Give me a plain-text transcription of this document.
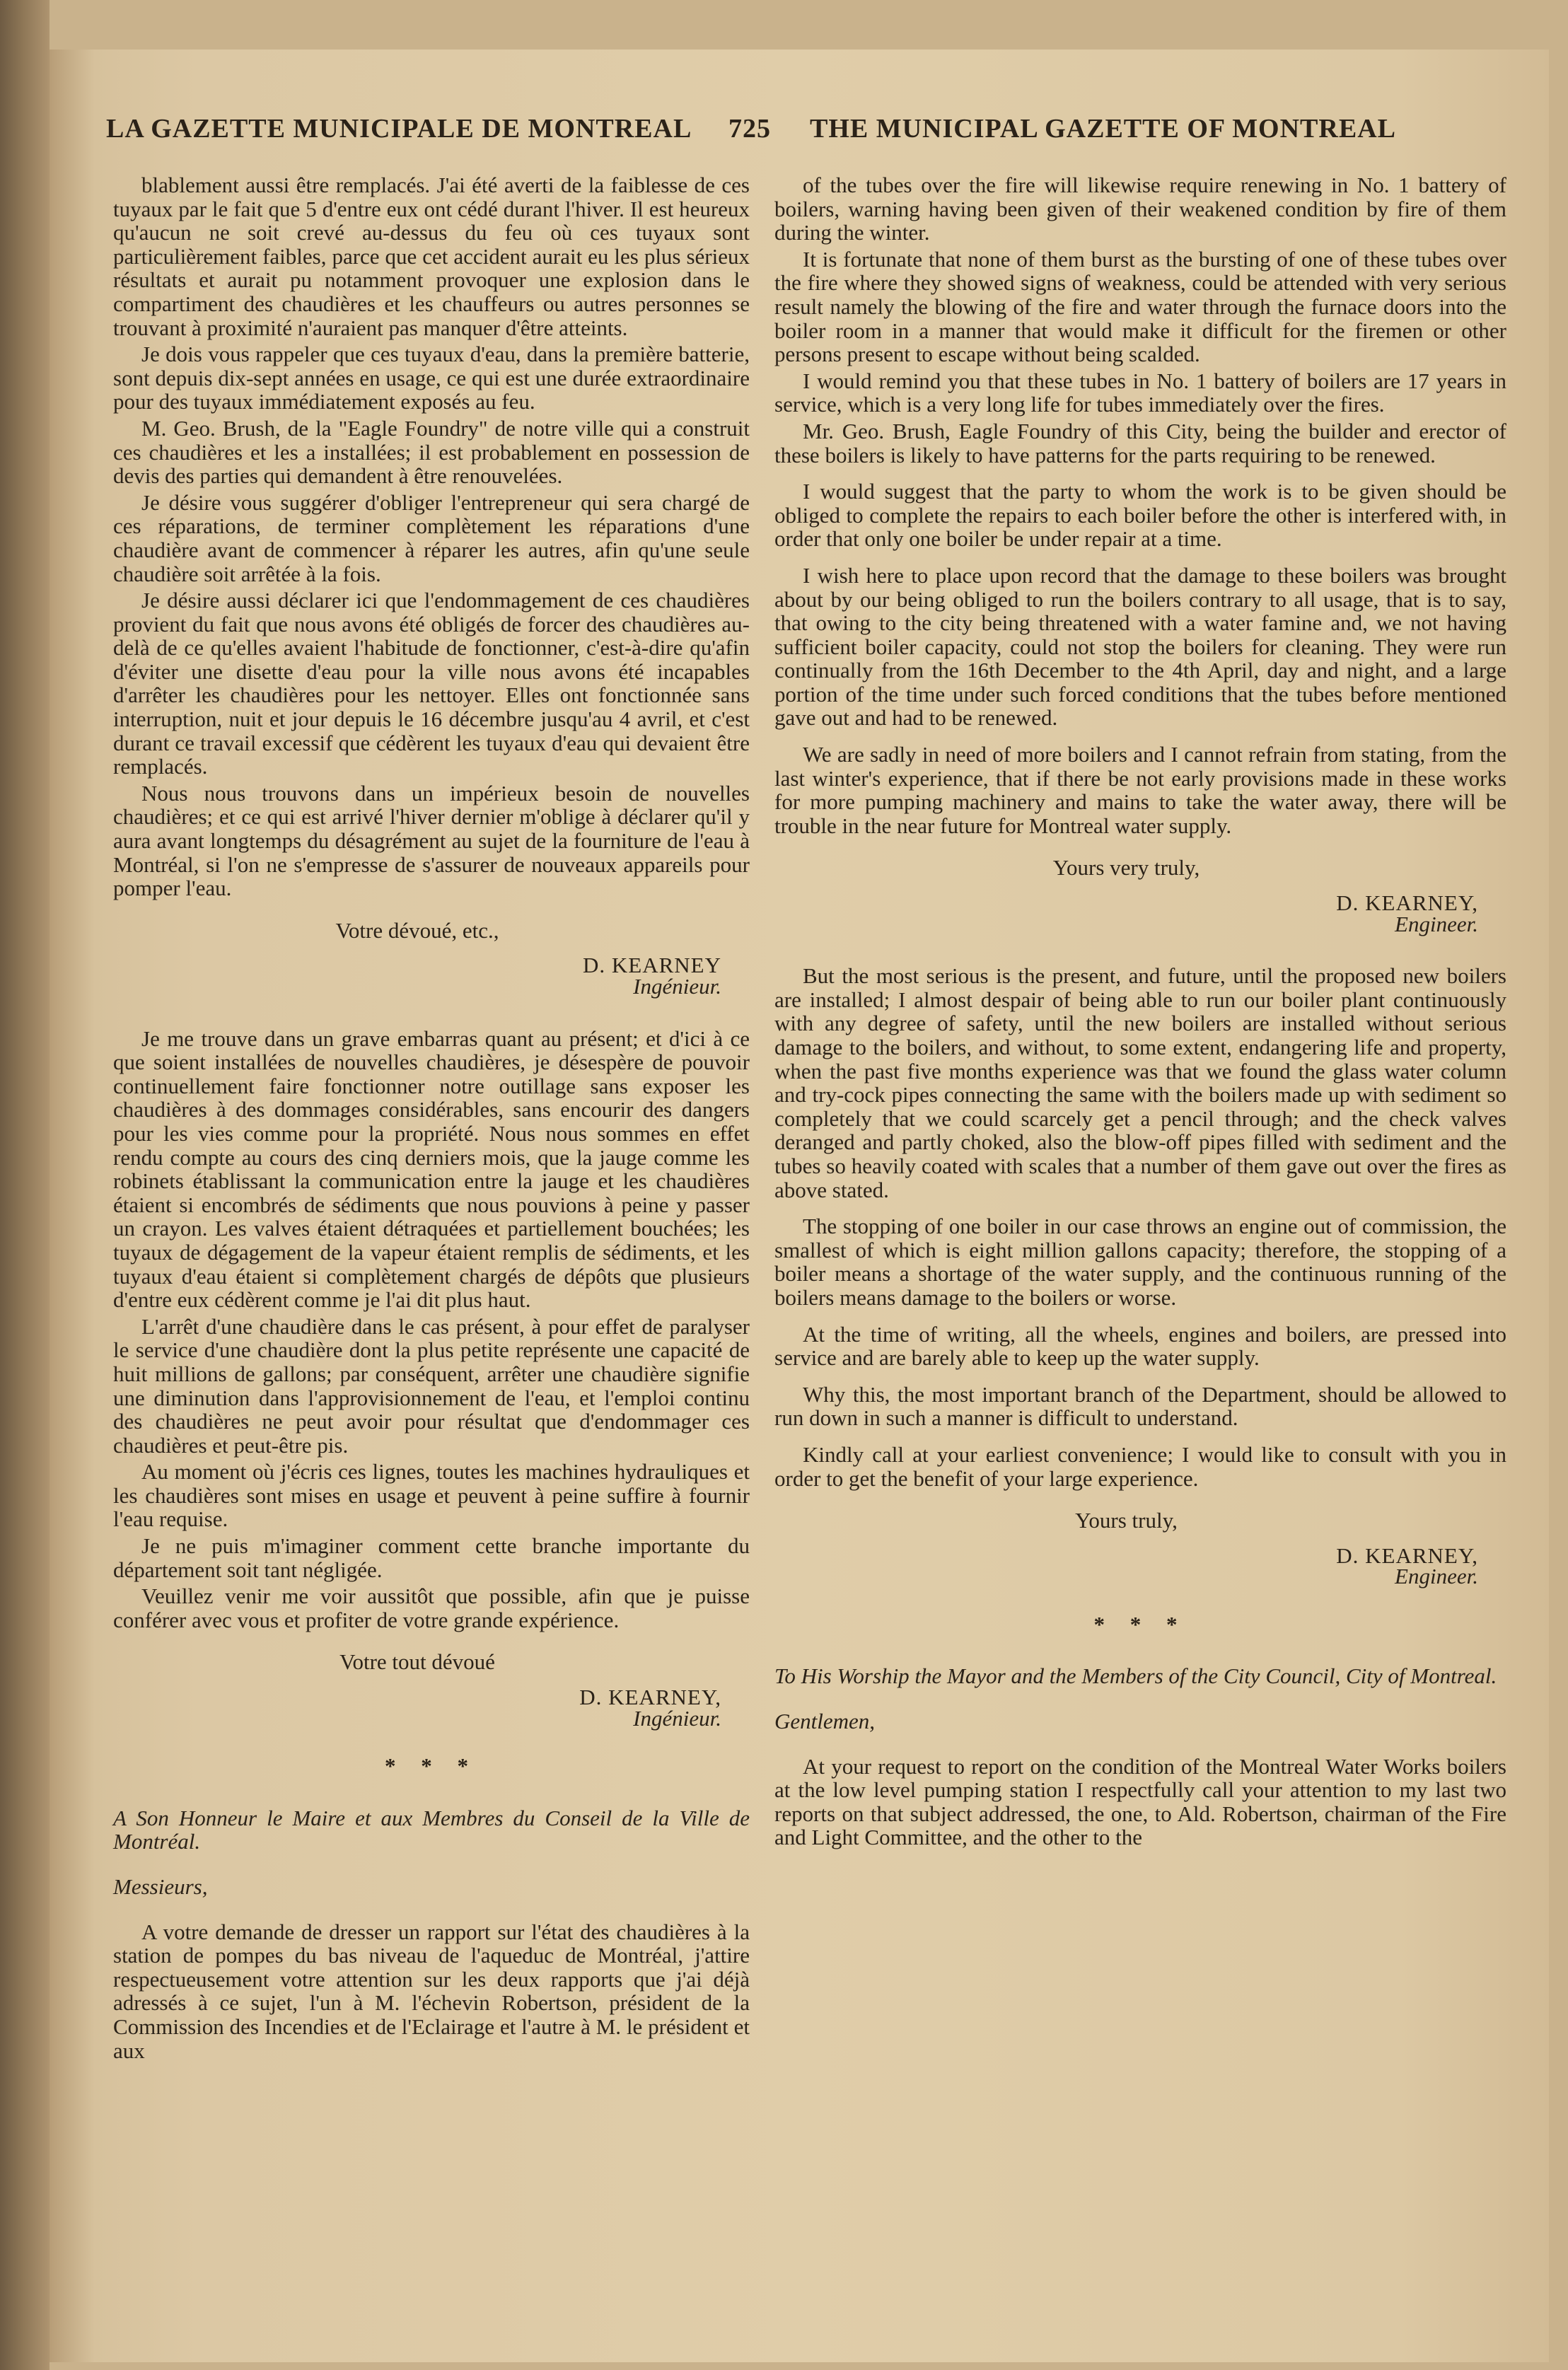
LA GAZETTE MUNICIPALE DE MONTREAL 725 THE MUNICIPAL GAZETTE OF MONTREAL

blablement aussi être remplacés. J'ai été averti de la faiblesse de ces tuyaux par le fait que 5 d'entre eux ont cédé durant l'hiver. Il est heureux qu'aucun ne soit crevé au-dessus du feu où ces tuyaux sont particulièrement faibles, parce que cet accident aurait eu les plus sérieux résultats et aurait pu notamment provoquer une explosion dans le compartiment des chaudières et les chauffeurs ou autres personnes se trouvant à proximité n'auraient pas manquer d'être atteints.

Je dois vous rappeler que ces tuyaux d'eau, dans la première batterie, sont depuis dix-sept années en usage, ce qui est une durée extraordinaire pour des tuyaux immédiatement exposés au feu.

M. Geo. Brush, de la "Eagle Foundry" de notre ville qui a construit ces chaudières et les a installées; il est probablement en possession de devis des parties qui demandent à être renouvelées.

Je désire vous suggérer d'obliger l'entrepreneur qui sera chargé de ces réparations, de terminer complètement les réparations d'une chaudière avant de commencer à réparer les autres, afin qu'une seule chaudière soit arrêtée à la fois.

Je désire aussi déclarer ici que l'endommagement de ces chaudières provient du fait que nous avons été obligés de forcer des chaudières au-delà de ce qu'elles avaient l'habitude de fonctionner, c'est-à-dire qu'afin d'éviter une disette d'eau pour la ville nous avons été incapables d'arrêter les chaudières pour les nettoyer. Elles ont fonctionnée sans interruption, nuit et jour depuis le 16 décembre jusqu'au 4 avril, et c'est durant ce travail excessif que cédèrent les tuyaux d'eau qui devaient être remplacés.

Nous nous trouvons dans un impérieux besoin de nouvelles chaudières; et ce qui est arrivé l'hiver dernier m'oblige à déclarer qu'il y aura avant longtemps du désagrément au sujet de la fourniture de l'eau à Montréal, si l'on ne s'empresse de s'assurer de nouveaux appareils pour pomper l'eau.

Votre dévoué, etc.,
D. KEARNEY
Ingénieur.

Je me trouve dans un grave embarras quant au présent; et d'ici à ce que soient installées de nouvelles chaudières, je désespère de pouvoir continuellement faire fonctionner notre outillage sans exposer les chaudières à des dommages considérables, sans encourir des dangers pour les vies comme pour la propriété. Nous nous sommes en effet rendu compte au cours des cinq derniers mois, que la jauge comme les robinets établissant la communication entre la jauge et les chaudières étaient si encombrés de sédiments que nous pouvions à peine y passer un crayon. Les valves étaient détraquées et partiellement bouchées; les tuyaux de dégagement de la vapeur étaient remplis de sédiments, et les tuyaux d'eau étaient si complètement chargés de dépôts que plusieurs d'entre eux cédèrent comme je l'ai dit plus haut.

L'arrêt d'une chaudière dans le cas présent, à pour effet de paralyser le service d'une chaudière dont la plus petite représente une capacité de huit millions de gallons; par conséquent, arrêter une chaudière signifie une diminution dans l'approvisionnement de l'eau, et l'emploi continu des chaudières ne peut avoir pour résultat que d'endommager ces chaudières et peut-être pis.

Au moment où j'écris ces lignes, toutes les machines hydrauliques et les chaudières sont mises en usage et peuvent à peine suffire à fournir l'eau requise.

Je ne puis m'imaginer comment cette branche importante du département soit tant négligée.

Veuillez venir me voir aussitôt que possible, afin que je puisse conférer avec vous et profiter de votre grande expérience.

Votre tout dévoué
D. KEARNEY,
Ingénieur.
* * *
A Son Honneur le Maire et aux Membres du Conseil de la Ville de Montréal.
Messieurs,

A votre demande de dresser un rapport sur l'état des chaudières à la station de pompes du bas niveau de l'aqueduc de Montréal, j'attire respectueusement votre attention sur les deux rapports que j'ai déjà adressés à ce sujet, l'un à M. l'échevin Robertson, président de la Commission des Incendies et de l'Eclairage et l'autre à M. le président et aux

of the tubes over the fire will likewise require renewing in No. 1 battery of boilers, warning having been given of their weakened condition by fire of them during the winter.

It is fortunate that none of them burst as the bursting of one of these tubes over the fire where they showed signs of weakness, could be attended with very serious result namely the blowing of the fire and water through the furnace doors into the boiler room in a manner that would make it difficult for the firemen or other persons present to escape without being scalded.

I would remind you that these tubes in No. 1 battery of boilers are 17 years in service, which is a very long life for tubes immediately over the fires.

Mr. Geo. Brush, Eagle Foundry of this City, being the builder and erector of these boilers is likely to have patterns for the parts requiring to be renewed.

I would suggest that the party to whom the work is to be given should be obliged to complete the repairs to each boiler before the other is interfered with, in order that only one boiler be under repair at a time.

I wish here to place upon record that the damage to these boilers was brought about by our being obliged to run the boilers contrary to all usage, that is to say, that owing to the city being threatened with a water famine and, we not having sufficient boiler capacity, could not stop the boilers for cleaning. They were run continually from the 16th December to the 4th April, day and night, and a large portion of the time under such forced conditions that the tubes before mentioned gave out and had to be renewed.

We are sadly in need of more boilers and I cannot refrain from stating, from the last winter's experience, that if there be not early provisions made in these works for more pumping machinery and mains to take the water away, there will be trouble in the near future for Montreal water supply.

Yours very truly,
D. KEARNEY,
Engineer.

But the most serious is the present, and future, until the proposed new boilers are installed; I almost despair of being able to run our boiler plant continuously with any degree of safety, until the new boilers are installed without serious damage to the boilers, and without, to some extent, endangering life and property, when the past five months experience was that we found the glass water column and try-cock pipes connecting the same with the boilers made up with sediment so completely that we could scarcely get a pencil through; and the check valves deranged and partly choked, also the blow-off pipes filled with sediment and the tubes so heavily coated with scales that a number of them gave out over the fires as above stated.

The stopping of one boiler in our case throws an engine out of commission, the smallest of which is eight million gallons capacity; therefore, the stopping of a boiler means a shortage of the water supply, and the continuous running of the boilers means damage to the boilers or worse.

At the time of writing, all the wheels, engines and boilers, are pressed into service and are barely able to keep up the water supply.

Why this, the most important branch of the Department, should be allowed to run down in such a manner is difficult to understand.

Kindly call at your earliest convenience; I would like to consult with you in order to get the benefit of your large experience.

Yours truly,
D. KEARNEY,
Engineer.
* * *
To His Worship the Mayor and the Members of the City Council, City of Montreal.
Gentlemen,

At your request to report on the condition of the Montreal Water Works boilers at the low level pumping station I respectfully call your attention to my last two reports on that subject addressed, the one, to Ald. Robertson, chairman of the Fire and Light Committee, and the other to the
